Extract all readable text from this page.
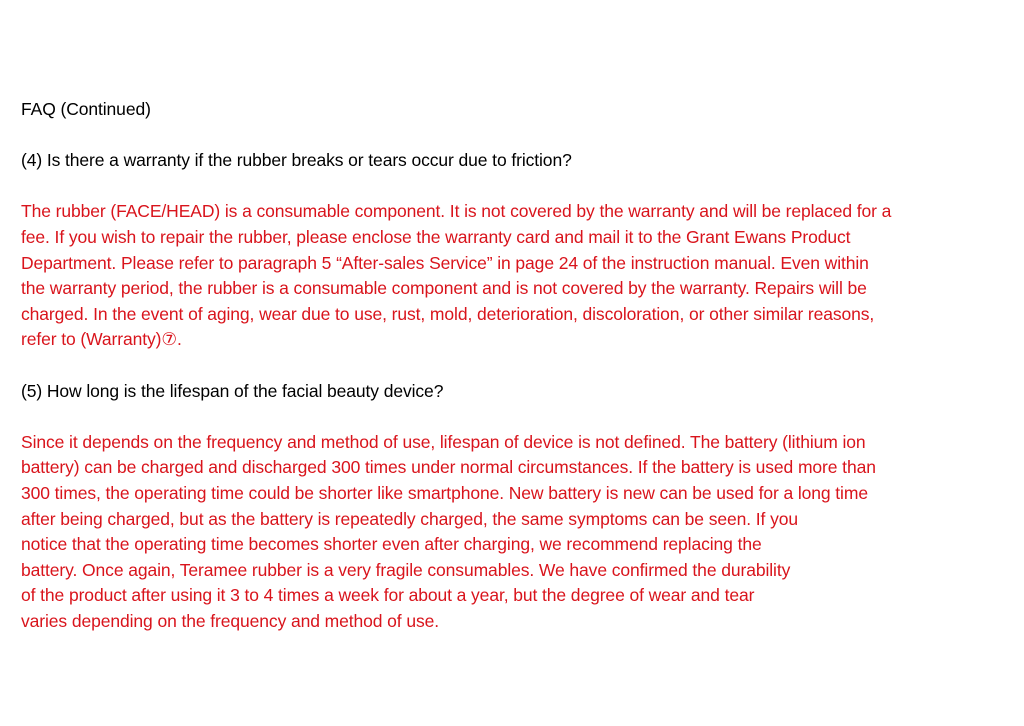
FAQ (Continued)

(4) Is there a warranty if the rubber breaks or tears occur due to friction?

The rubber (FACE/HEAD) is a consumable component. It is not covered by the warranty and will be replaced for a

fee. If you wish to repair the rubber, please enclose the warranty card and mail it to the Grant Ewans Product

Department. Please refer to paragraph 5 “After-sales Service” in page 24 of the instruction manual. Even within

the warranty period, the rubber is a consumable component and is not covered by the warranty. Repairs will be

charged. In the event of aging, wear due to use, rust, mold, deterioration, discoloration, or other similar reasons,

refer to (Warranty)⑦.

(5) How long is the lifespan of the facial beauty device?

Since it depends on the frequency and method of use, lifespan of device is not defined. The battery (lithium ion

battery) can be charged and discharged 300 times under normal circumstances. If the battery is used more than

300 times, the operating time could be shorter like smartphone. New battery is new can be used for a long time

after being charged, but as the battery is repeatedly charged, the same symptoms can be seen. If you

notice that the operating time becomes shorter even after charging, we recommend replacing the

battery. Once again, Teramee rubber is a very fragile consumables. We have confirmed the durability

of the product after using it 3 to 4 times a week for about a year, but the degree of wear and tear

varies depending on the frequency and method of use.
